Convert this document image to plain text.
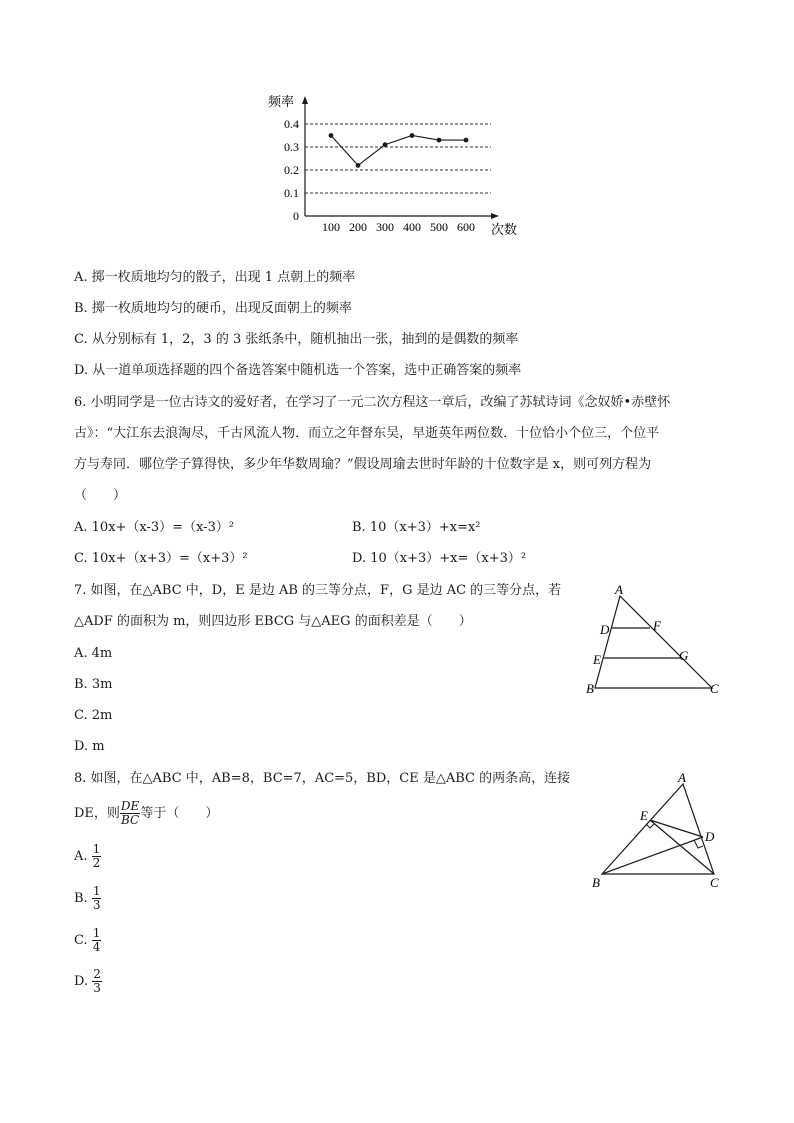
频率
次数
0.4
0.3
0.2
0.1
0
100 200 300 400 500 600
A. 掷一枚质地均匀的骰子，出现 1 点朝上的频率
B. 掷一枚质地均匀的硬币，出现反面朝上的频率
C. 从分别标有 1，2，3 的 3 张纸条中，随机抽出一张，抽到的是偶数的频率
D. 从一道单项选择题的四个备选答案中随机选一个答案，选中正确答案的频率
6. 小明同学是一位古诗文的爱好者，在学习了一元二次方程这一章后，改编了苏轼诗词《念奴娇•赤壁怀
古》：“大江东去浪淘尽，千古风流人物．而立之年督东吴，早逝英年两位数．十位恰小个位三，个位平
方与寿同．哪位学子算得快，多少年华数周瑜？”假设周瑜去世时年龄的十位数字是 x，则可列方程为
（　　）
A. 10x+（x-3）=（x-3）²	B. 10（x+3）+x=x²
C. 10x+（x+3）=（x+3）²	D. 10（x+3）+x=（x+3）²
7. 如图，在△ABC 中，D，E 是边 AB 的三等分点，F，G 是边 AC 的三等分点，若
△ADF 的面积为 m，则四边形 EBCG 与△AEG 的面积差是（　　）
A. 4m
B. 3m
C. 2m
D. m
A
D	F
E	G
B	C
8. 如图，在△ABC 中，AB=8，BC=7，AC=5，BD，CE 是△ABC 的两条高，连接
DE，则 $\frac{DE}{BC}$ 等于（　　）
A. $\frac{1}{2}$
B. $\frac{1}{3}$
C. $\frac{1}{4}$
D. $\frac{2}{3}$
A
E
D
B	C
